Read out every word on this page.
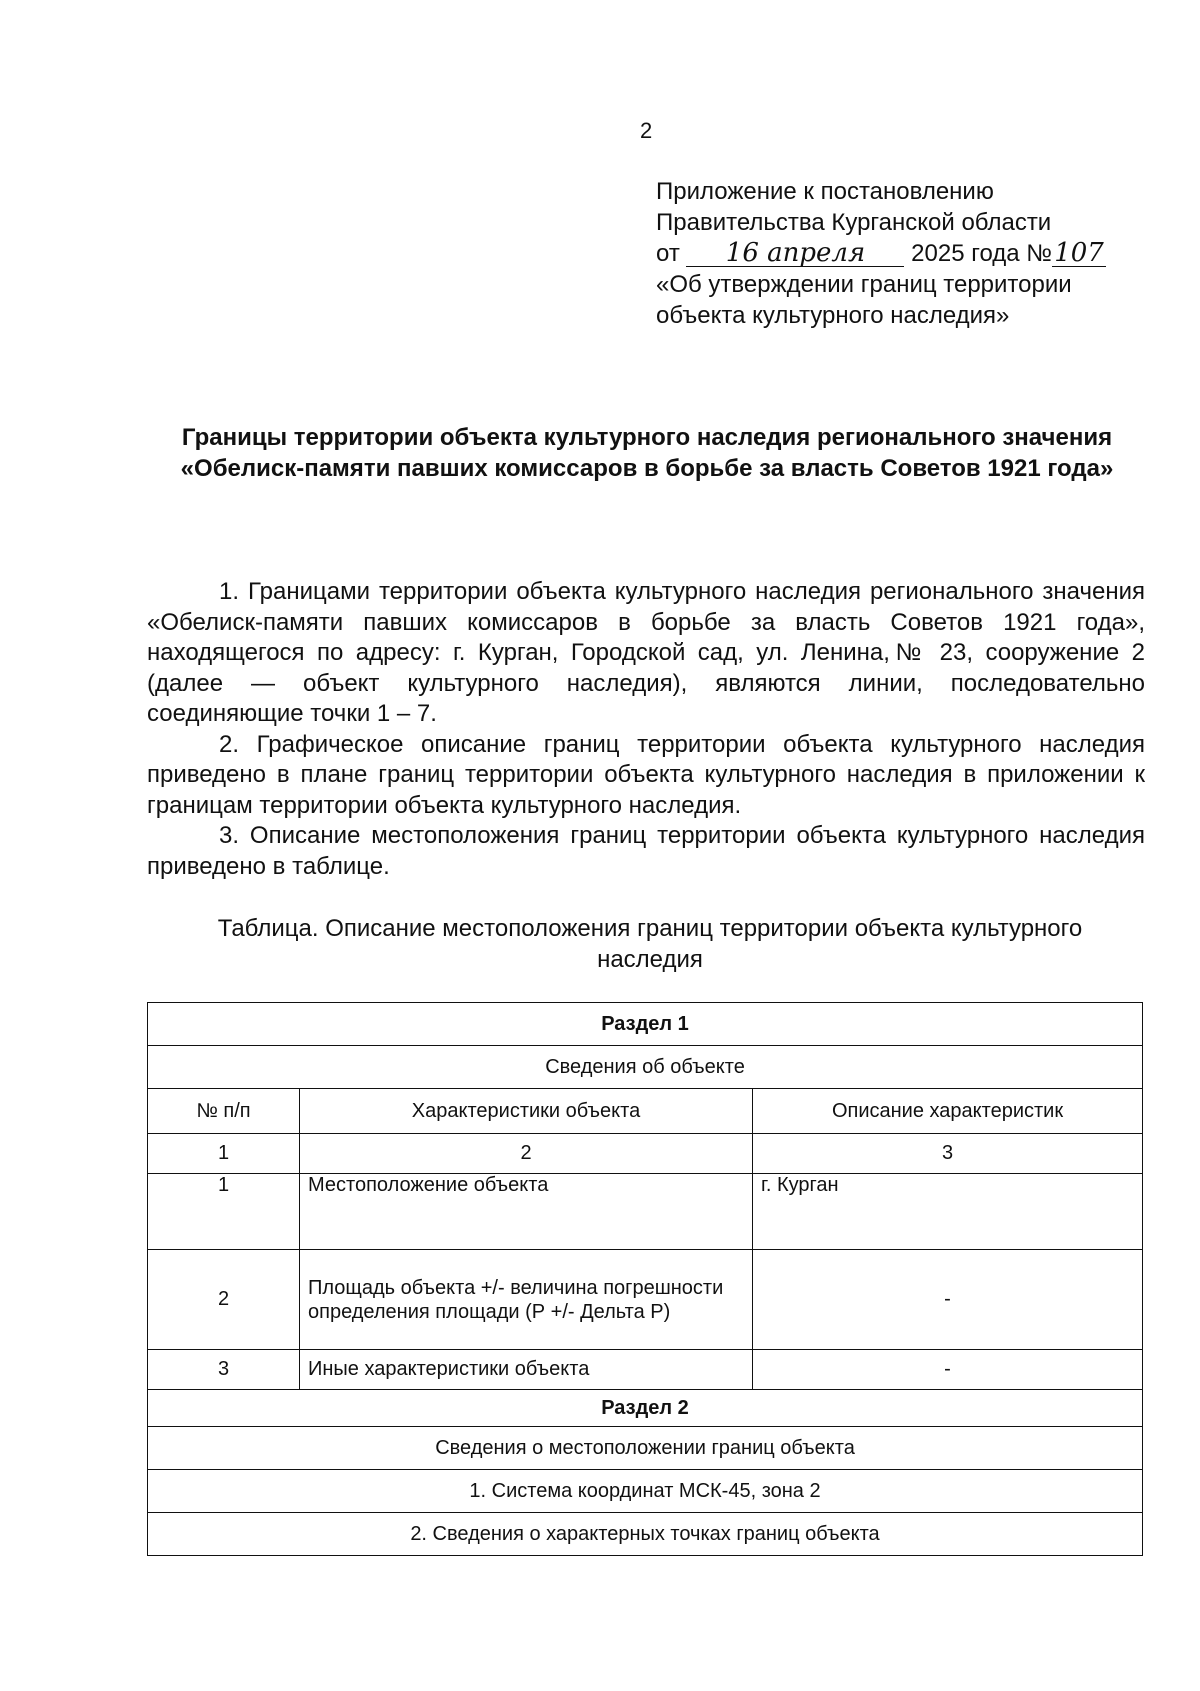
2
Приложение к постановлению
Правительства Курганской области
от 16 апреля 2025 года №107
«Об утверждении границ территории
объекта культурного наследия»
Границы территории объекта культурного наследия регионального значения «Обелиск-памяти павших комиссаров в борьбе за власть Советов 1921 года»

1. Границами территории объекта культурного наследия регионального значения «Обелиск-памяти павших комиссаров в борьбе за власть Советов 1921 года», находящегося по адресу: г. Курган, Городской сад, ул. Ленина,№ 23, сооружение 2 (далее — объект культурного наследия), являются линии, последовательно соединяющие точки 1 – 7.

2. Графическое описание границ территории объекта культурного наследия приведено в плане границ территории объекта культурного наследия в приложении к границам территории объекта культурного наследия.

3. Описание местоположения границ территории объекта культурного наследия приведено в таблице.

Таблица. Описание местоположения границ территории объекта культурного наследия
Раздел 1		
Сведения об объекте		
№ п/п	Характеристики объекта	Описание характеристик
1	2	3
1	Местоположение объекта	г. Курган
2	Площадь объекта +/- величина погрешности определения площади (Р +/- Дельта Р)	-
3	Иные характеристики объекта	-
Раздел 2		
Сведения о местоположении границ объекта		
1. Система координат МСК-45, зона 2		
2. Сведения о характерных точках границ объекта		
